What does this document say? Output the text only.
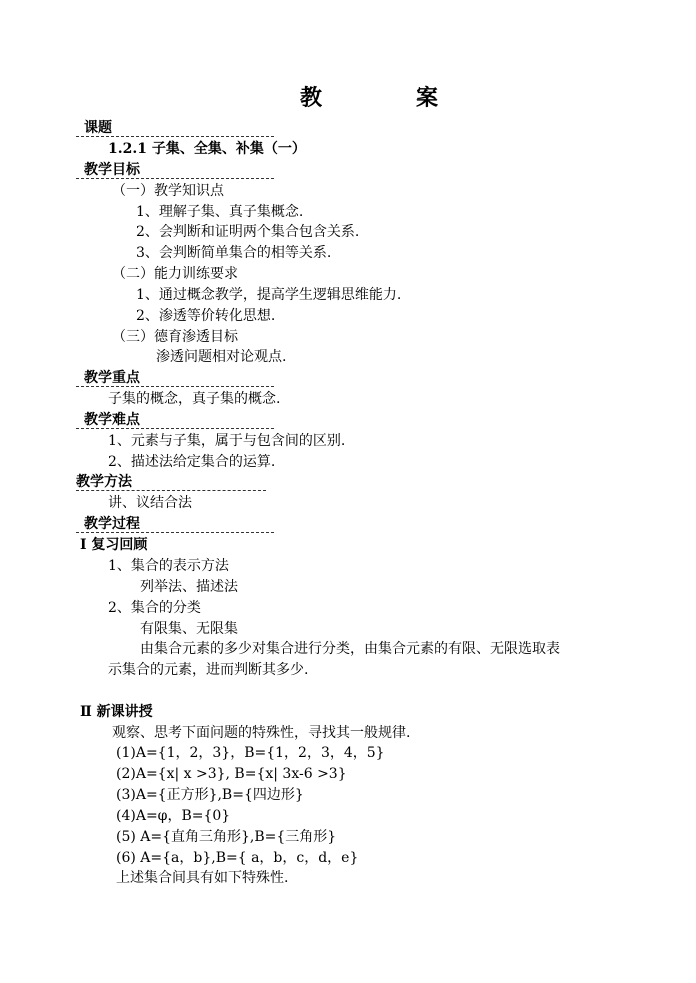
教　案
课题
1.2.1 子集、全集、补集（一）
教学目标
（一）教学知识点
1、理解子集、真子集概念.
2、会判断和证明两个集合包含关系.
3、会判断简单集合的相等关系.
（二）能力训练要求
1、通过概念教学，提高学生逻辑思维能力.
2、渗透等价转化思想.
（三）德育渗透目标
渗透问题相对论观点.
教学重点
子集的概念，真子集的概念.
教学难点
1、元素与子集，属于与包含间的区别.
2、描述法给定集合的运算.
教学方法
讲、议结合法
教学过程
Ⅰ 复习回顾
1、集合的表示方法
列举法、描述法
2、集合的分类
有限集、无限集
由集合元素的多少对集合进行分类，由集合元素的有限、无限选取表
示集合的元素，进而判断其多少.
Ⅱ 新课讲授
观察、思考下面问题的特殊性，寻找其一般规律.
(1)A={1，2，3}，B={1，2，3，4，5}
(2)A={x| x >3}, B={x| 3x-6 >3}
(3)A={正方形},B={四边形}
(4)A=φ，B={0}
(5) A={直角三角形},B={三角形}
(6) A={a，b},B={ a，b，c，d，e}
上述集合间具有如下特殊性.
